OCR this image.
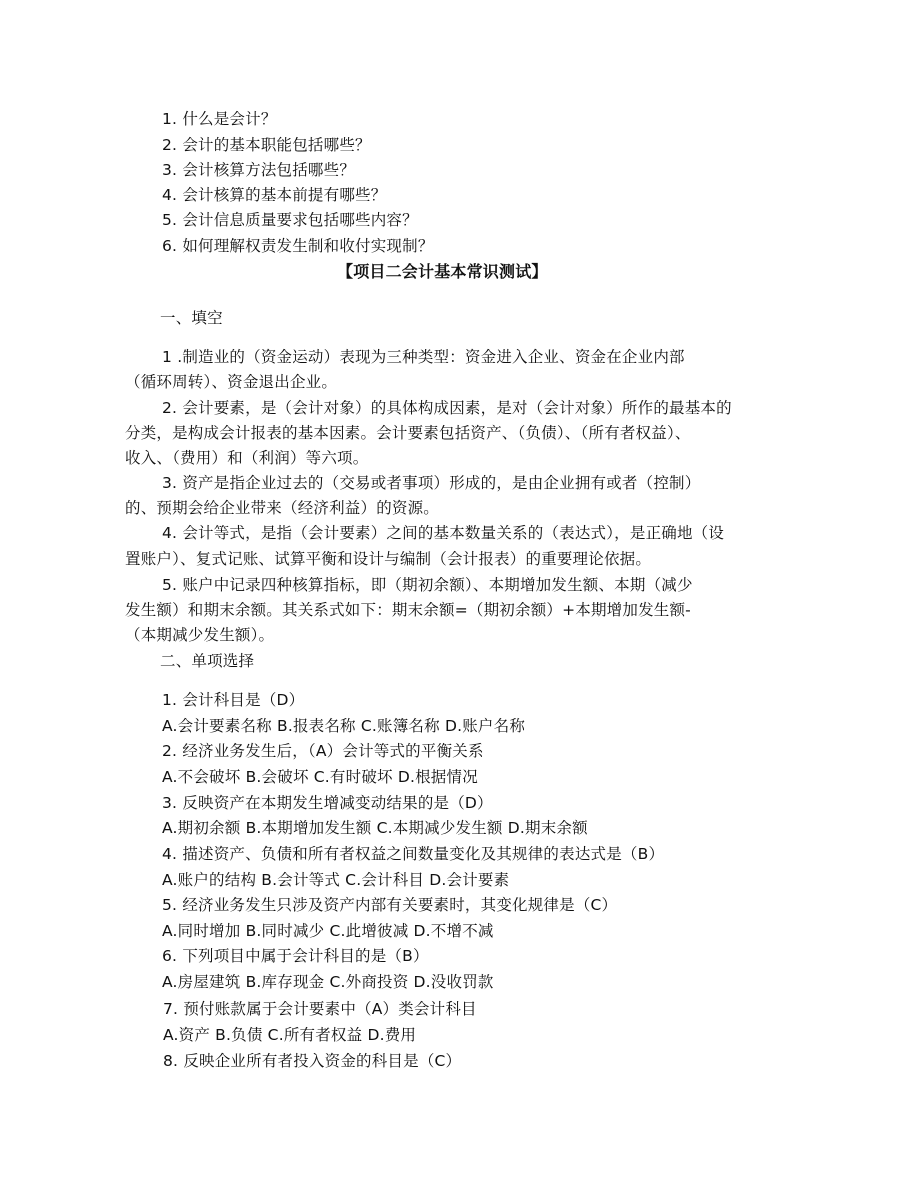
1. 什么是会计？
2. 会计的基本职能包括哪些？
3. 会计核算方法包括哪些？
4. 会计核算的基本前提有哪些？
5. 会计信息质量要求包括哪些内容？
6. 如何理解权责发生制和收付实现制？
【项目二会计基本常识测试】
一、填空
1 .制造业的（资金运动）表现为三种类型：资金进入企业、资金在企业内部
（循环周转）、资金退出企业。
2. 会计要素，是（会计对象）的具体构成因素，是对（会计对象）所作的最基本的
分类，是构成会计报表的基本因素。会计要素包括资产、（负债）、（所有者权益）、
收入、（费用）和（利润）等六项。
3. 资产是指企业过去的（交易或者事项）形成的，是由企业拥有或者（控制）
的、预期会给企业带来（经济利益）的资源。
4. 会计等式，是指（会计要素）之间的基本数量关系的（表达式），是正确地（设
置账户）、复式记账、试算平衡和设计与编制（会计报表）的重要理论依据。
5. 账户中记录四种核算指标，即（期初余额）、本期增加发生额、本期（减少
发生额）和期末余额。其关系式如下：期末余额=（期初余额）+本期增加发生额-
（本期减少发生额）。
二、单项选择
1. 会计科目是（D）
A.会计要素名称 B.报表名称 C.账簿名称 D.账户名称
2. 经济业务发生后，（A）会计等式的平衡关系
A.不会破坏 B.会破坏 C.有时破坏 D.根据情况
3. 反映资产在本期发生增减变动结果的是（D）
A.期初余额 B.本期增加发生额 C.本期减少发生额 D.期末余额
4. 描述资产、负债和所有者权益之间数量变化及其规律的表达式是（B）
A.账户的结构 B.会计等式 C.会计科目 D.会计要素
5. 经济业务发生只涉及资产内部有关要素时，其变化规律是（C）
A.同时增加 B.同时减少 C.此增彼减 D.不增不减
6. 下列项目中属于会计科目的是（B）
A.房屋建筑 B.库存现金 C.外商投资 D.没收罚款
7. 预付账款属于会计要素中（A）类会计科目
A.资产 B.负债 C.所有者权益 D.费用
8. 反映企业所有者投入资金的科目是（C）
